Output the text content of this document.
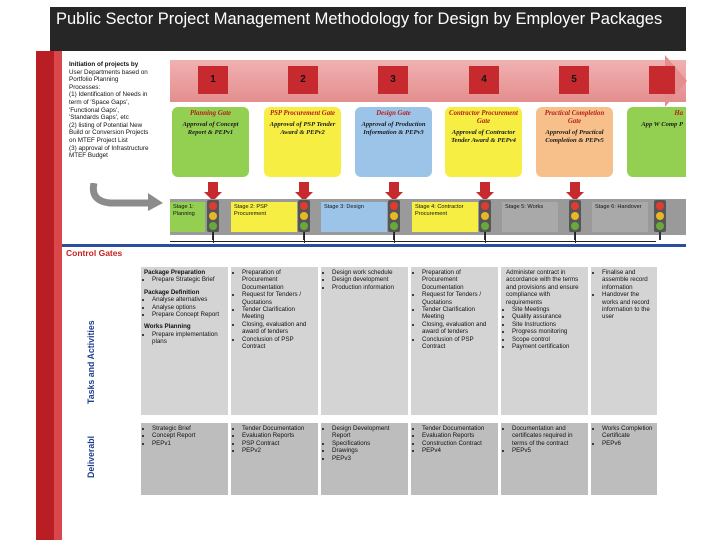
Public Sector Project Management Methodology for Design by Employer Packages
Initiation of projects by
User Departments based on
Portfolio Planning
Processes:
(1) Identification of Needs in
term of 'Space Gaps',
'Functional Gaps',
'Standards Gaps', etc
(2) listing of Potential New
Build or Conversion Projects
on MTEF Project List
(3) approval of Infrastructure
MTEF Budget
1	2	3	4	5
Planning Gate
Approval of Concept Report & PEPv1
PSP Procurement Gate
Approval of PSP Tender Award & PEPv2
Design Gate
Approval of Production Information & PEPv3
Contractor Procurement Gate
Approval of Contractor Tender Award & PEPv4
Practical Completion Gate
Approval of Practical Completion & PEPv5
Ha
App W Comp P
Stage 1: Planning
Stage 2: PSP Procurement
Stage 3: Design	Stage 4: Contractor Procurement
Stage 5: Works	Stage 6: Handover
Control Gates
Tasks and Activities
Deliverabl
Package Preparation
• Prepare Strategic Brief
Package Definition
• Analyse alternatives
• Analyse options
• Prepare Concept Report
Works Planning
• Prepare implementation plans
• Preparation of Procurement Documentation
• Request for Tenders / Quotations
• Tender Clarification Meeting
• Closing, evaluation and award of tenders
• Conclusion of PSP Contract
• Design work schedule
• Design development
• Production information
• Preparation of Procurement Documentation
• Request for Tenders / Quotations
• Tender Clarification Meeting
• Closing, evaluation and award of tenders
• Conclusion of PSP Contract
Administer contract in accordance with the terms and provisions and ensure compliance with requirements
• Site Meetings
• Quality assurance
• Site Instructions
• Progress monitoring
• Scope control
• Payment certification
• Finalise and assemble record information
• Handover the works and record information to the user
• Strategic Brief
• Concept Report
• PEPv1
• Tender Documentation
• Evaluation Reports
• PSP Contract
• PEPv2
• Design Development Report
• Specifications
• Drawings
• PEPv3
• Tender Documentation
• Evaluation Reports
• Construction Contract
• PEPv4
• Documentation and certificates required in terms of the contract
• PEPv5
• Works Completion Certificate
• PEPv6
